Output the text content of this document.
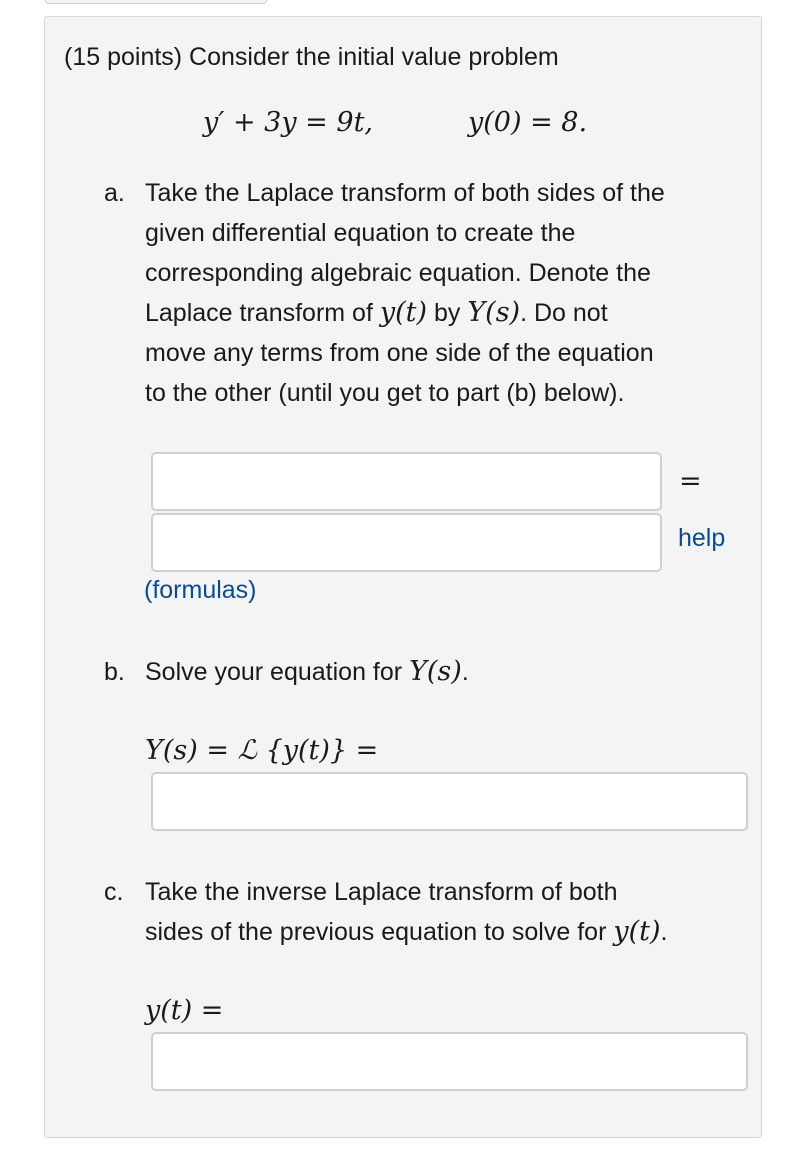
(15 points) Consider the initial value problem
y′ + 3y = 9t,	y(0) = 8.
a. Take the Laplace transform of both sides of the
given differential equation to create the
corresponding algebraic equation. Denote the
Laplace transform of y(t) by Y(s). Do not
move any terms from one side of the equation
to the other (until you get to part (b) below).
=
help
(formulas)
b. Solve your equation for Y(s).
Y(s) = ℒ {y(t)} =
c. Take the inverse Laplace transform of both
sides of the previous equation to solve for y(t).
y(t) =
